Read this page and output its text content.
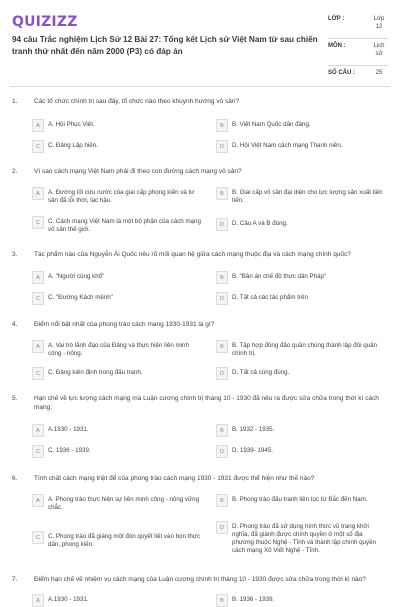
QUIZIZZ
94 câu Trắc nghiệm Lịch Sử 12 Bài 27: Tổng kết Lịch sử Việt Nam từ sau chiến tranh thứ nhất đến năm 2000 (P3) có đáp án
LỚP :	Lớp 12
MÔN :	Lịch sử
SỐ CÂU :	25
1.	Các tổ chức chính trị sau đây, tổ chức nào theo khuynh hướng vô sản?
A	A. Hội Phục Việt.	B	B. Việt Nam Quốc dân đảng.
C	C. Đảng Lập hiến.	D	D. Hội Việt Nam cách mạng Thanh niên.
2.	Vì sao cách mạng Việt Nam phải đi theo con đường cách mạng vô sản?
A	A. Đường lối cứu nước của giai cấp phong kiến và tư sản đã lỗi thời, lạc hậu.
B	B. Giai cấp vô sản đại diện cho lực lượng sản xuất tiên tiến.
C	C. Cách mạng Việt Nam là một bộ phận của cách mạng vô sản thế giới.
D	D. Câu A và B đúng.
3.	Tác phẩm nào của Nguyễn Ái Quốc nêu rõ mối quan hệ giữa cách mạng thuộc địa và cách mạng chính quốc?
A	A. "Người cùng khổ"	B	B. "Bản án chế độ thực dân Pháp"
C	C. "Đường Kách mệnh"	D	D. Tất cả các tác phẩm trên
4.	Điểm nổi bật nhất của phong trào cách mạng 1930-1931 là gì?
A	A. Vai trò lãnh đạo của Đảng và thực hiện liên minh công - nông.
B	B. Tập hợp đông đảo quần chúng thành lập đội quân chính trị.
C	C. Đảng kiên định trong đấu tranh.	D	D. Tất cả cùng đúng.
5.	Hạn chế về lực lượng cách mạng mà Luận cương chính trị tháng 10 - 1930 đã nêu ra được sửa chữa trong thời kì cách mạng:
A	A.1930 - 1931.	B	B. 1932 - 1935.
C	C. 1936 - 1939.	D	D. 1939- 1945.
6.	Tính chất cách mạng triệt để của phong trào cách mạng 1930 - 1931 được thể hiện như thế nào?
A	A. Phong trào thực hiện sự liên minh công - nông vững chắc.
B	B. Phong trào đấu tranh liên tục từ Bắc đến Nam.
C	C. Phong trào đã giáng một đòn quyết liệt vào bọn thực dân, phong kiến.
D	D. Phong trào đã sử dụng hình thức vũ trang khởi nghĩa, đã giành được chính quyền ở một số địa phương thuộc Nghệ - Tĩnh và thành lập chính quyền cách mạng Xô Viết Nghệ - Tĩnh.
7.	Điểm hạn chế về nhiệm vụ cách mạng của Luận cương chính trị tháng 10 - 1930 được sửa chữa trong thời kì nào?
A	A.1930 - 1931.	B	B. 1936 - 1939.
